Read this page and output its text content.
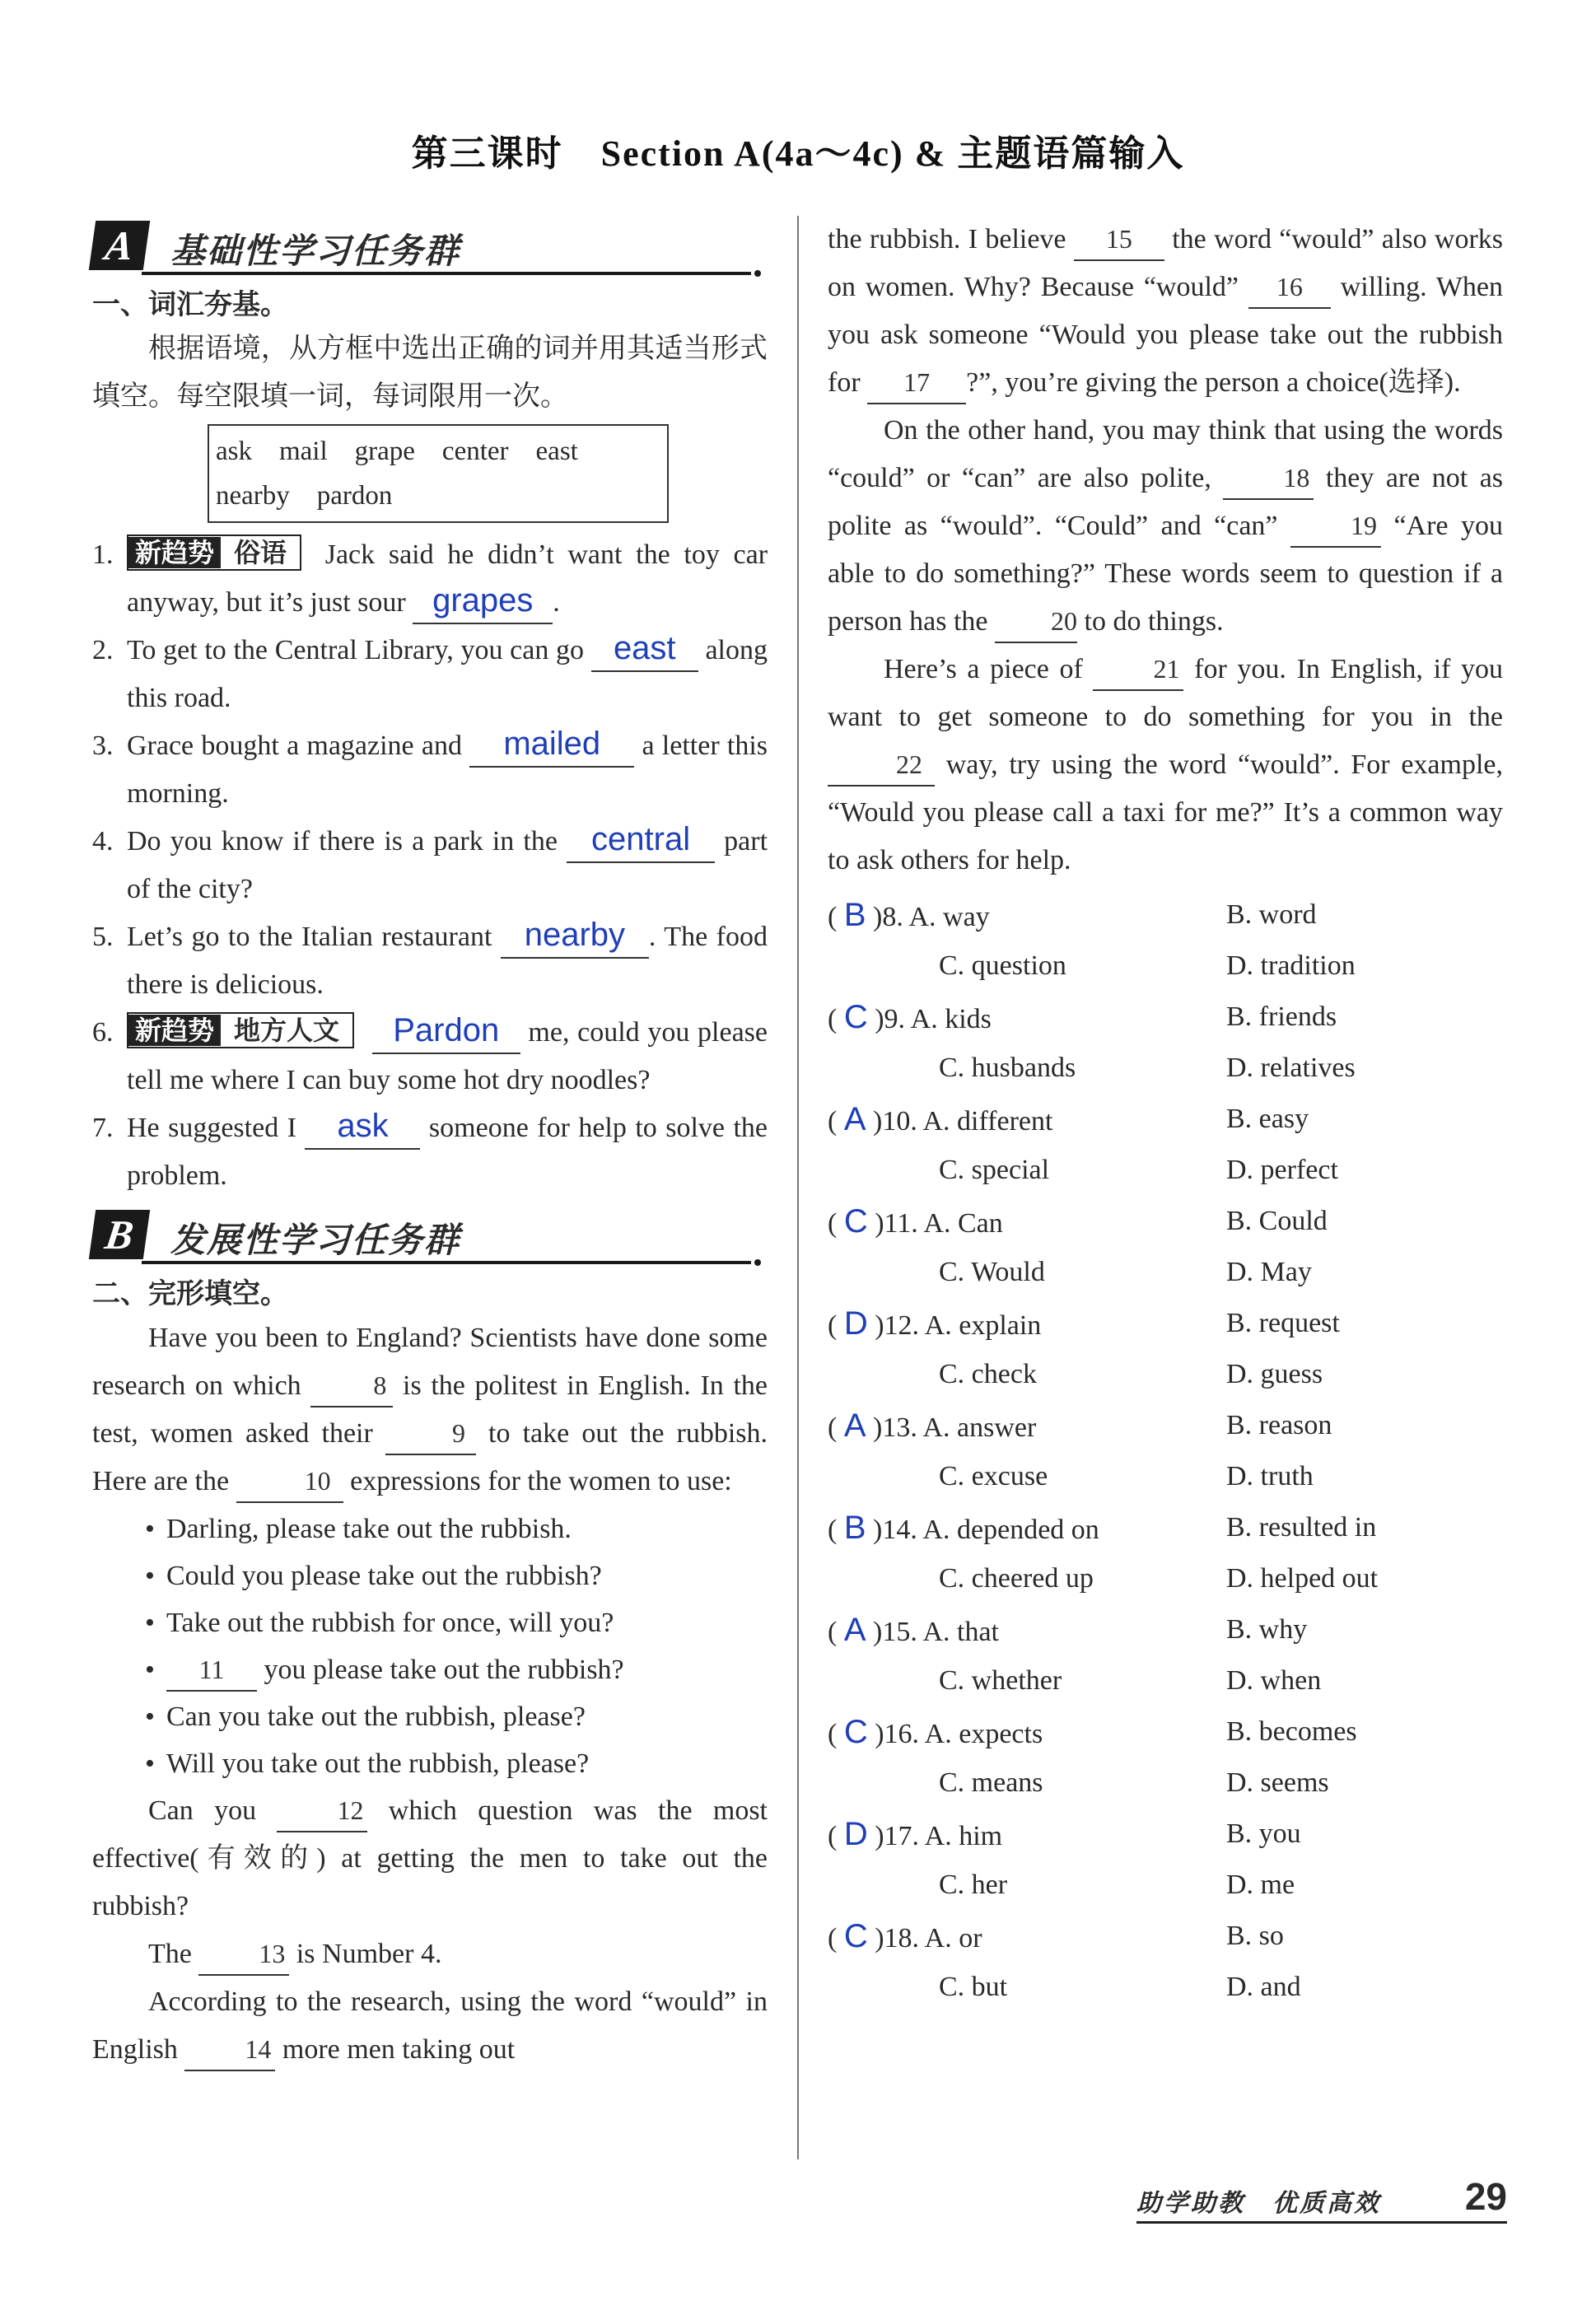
第三课时　Section A(4a～4c) & 主题语篇输入
A 基础性学习任务群
一、词汇夯基。

根据语境，从方框中选出正确的词并用其适当形式填空。每空限填一词，每词限用一次。

ask　mail　grape　center　east
nearby　pardon
1. 新趋势 俗语 Jack said he didn’t want the toy car anyway, but it’s just sour grapes .
2. To get to the Central Library, you can go east along this road.
3. Grace bought a magazine and mailed a letter this morning.
4. Do you know if there is a park in the central part of the city?
5. Let’s go to the Italian restaurant nearby . The food there is delicious.
6. 新趋势 地方人文 Pardon me, could you please tell me where I can buy some hot dry noodles?
7. He suggested I ask someone for help to solve the problem.
B 发展性学习任务群
二、完形填空。

Have you been to England? Scientists have done some research on which	8 is the politest in English. In the test, women asked their	9 to take out the rubbish. Here are the	10 expressions for the women to use:

• Darling, please take out the rubbish.
• Could you please take out the rubbish?
• Take out the rubbish for once, will you?
• 11 you please take out the rubbish?
• Can you take out the rubbish, please?
• Will you take out the rubbish, please?

Can you	12 which question was the most effective(有效的) at getting the men to take out the rubbish?

The	13 is Number 4.

According to the research, using the word “would” in English	14 more men taking out

the rubbish. I believe 15 the word “would” also works on women. Why? Because “would” 16 willing. When you ask someone “Would you please take out the rubbish for 17 ?”, you’re giving the person a choice(选择).

On the other hand, you may think that using the words “could” or “can” are also polite,	18 they are not as polite as “would”. “Could” and “can”	19 “Are you able to do something?” These words seem to question if a person has the 20 to do things.

Here’s a piece of	21 for you. In English, if you want to get someone to do something for you in the 22 way, try using the word “would”. For example, “Would you please call a taxi for me?” It’s a common way to ask others for help.

( B )8. A. way	B. word
C. question	D. tradition
( C )9. A. kids	B. friends
C. husbands	D. relatives
( A )10. A. different	B. easy
C. special	D. perfect
( C )11. A. Can	B. Could
C. Would	D. May
( D )12. A. explain	B. request
C. check	D. guess
( A )13. A. answer	B. reason
C. excuse	D. truth
( B )14. A. depended on	B. resulted in
C. cheered up	D. helped out
( A )15. A. that	B. why
C. whether	D. when
( C )16. A. expects	B. becomes
C. means	D. seems
( D )17. A. him	B. you
C. her	D. me
( C )18. A. or	B. so
C. but	D. and
助学助教　优质高效 29
